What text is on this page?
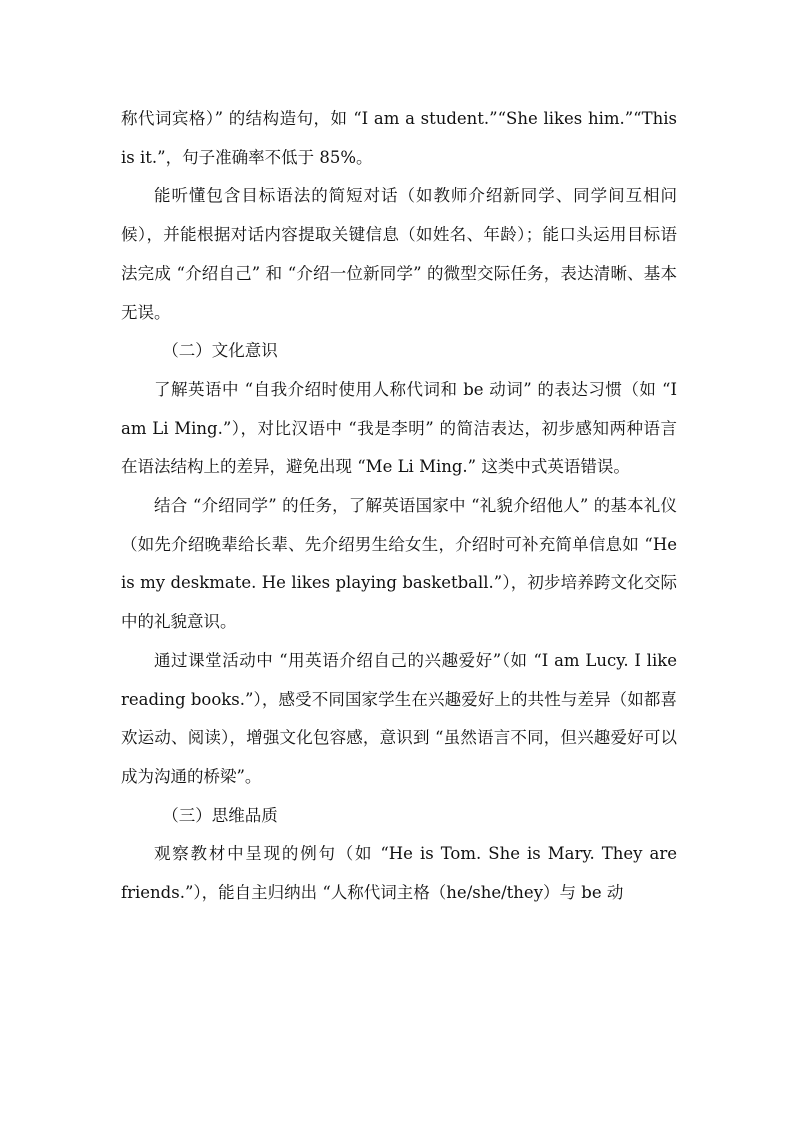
称代词宾格）” 的结构造句，如 “I am a student.”“She likes him.”“This is it.”，句子准确率不低于 85%。

能听懂包含目标语法的简短对话（如教师介绍新同学、同学间互相问候），并能根据对话内容提取关键信息（如姓名、年龄）；能口头运用目标语法完成 “介绍自己” 和 “介绍一位新同学” 的微型交际任务，表达清晰、基本无误。

（二）文化意识

了解英语中 “自我介绍时使用人称代词和 be 动词” 的表达习惯（如 “I am Li Ming.”），对比汉语中 “我是李明” 的简洁表达，初步感知两种语言在语法结构上的差异，避免出现 “Me Li Ming.” 这类中式英语错误。

结合 “介绍同学” 的任务，了解英语国家中 “礼貌介绍他人” 的基本礼仪（如先介绍晚辈给长辈、先介绍男生给女生，介绍时可补充简单信息如 “He is my deskmate. He likes playing basketball.”），初步培养跨文化交际中的礼貌意识。

通过课堂活动中 “用英语介绍自己的兴趣爱好”（如 “I am Lucy. I like reading books.”），感受不同国家学生在兴趣爱好上的共性与差异（如都喜欢运动、阅读），增强文化包容感，意识到 “虽然语言不同，但兴趣爱好可以成为沟通的桥梁”。

（三）思维品质

观察教材中呈现的例句（如 “He is Tom. She is Mary. They are friends.”），能自主归纳出 “人称代词主格（he/she/they）与 be 动
